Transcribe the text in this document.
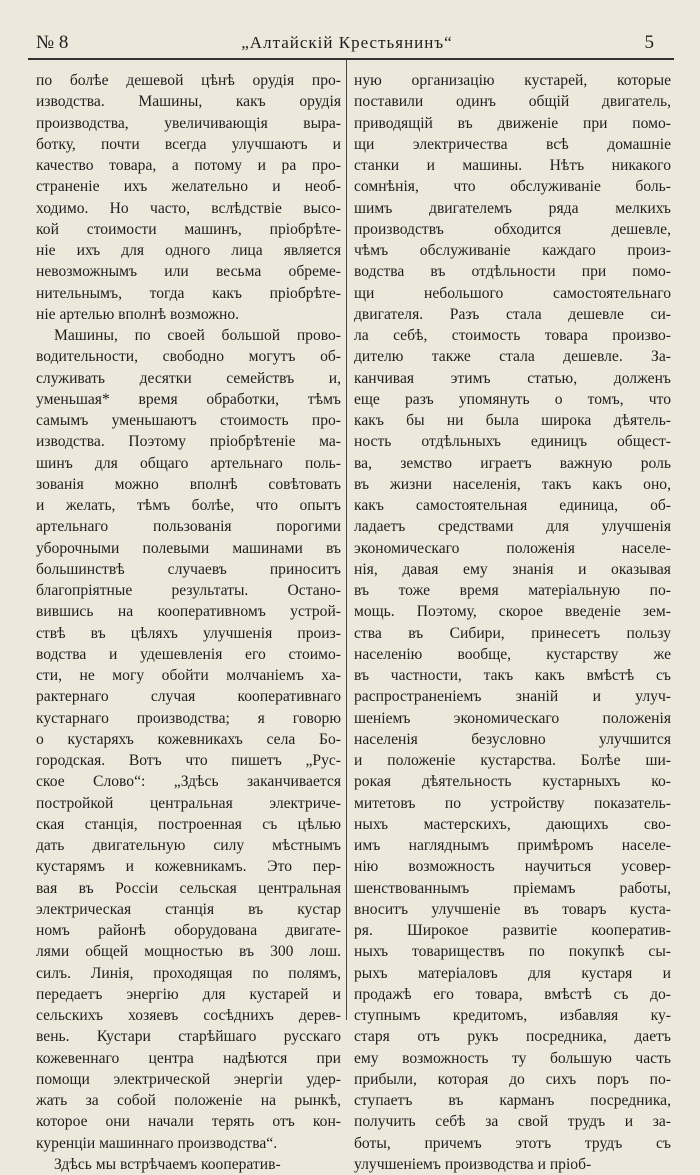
№ 8	„Алтайскій Крестьянинъ“	5
по болѣе дешевой цѣнѣ орудія про-
изводства. Машины, какъ орудія
производства, увеличивающія выра-
ботку, почти всегда улучшаютъ и
качество товара, а потому и ра про-
страненіе ихъ желательно и необ-
ходимо. Но часто, вслѣдствіе высо-
кой стоимости машинъ, пріобрѣте-
ніе ихъ для одного лица является
невозможнымъ или весьма обреме-
нительнымъ, тогда какъ пріобрѣте-
ніе артелью вполнѣ возможно.
Машины, по своей большой прово-
водительности, свободно могутъ об-
служивать десятки семействъ и,
уменьшая* время обработки, тѣмъ
самымъ уменьшаютъ стоимость про-
изводства. Поэтому пріобрѣтеніе ма-
шинъ для общаго артельнаго поль-
зованія можно вполнѣ совѣтовать
и желать, тѣмъ болѣе, что опытъ
артельнаго пользованія порогими
уборочными полевыми машинами въ
большинствѣ случаевъ приноситъ
благопріятные результаты. Остано-
вившись на кооперативномъ устрой-
ствѣ въ цѣляхъ улучшенія произ-
водства и удешевленія его стоимо-
сти, не могу обойти молчаніемъ ха-
рактернаго случая кооперативнаго
кустарнаго производства; я говорю
о кустаряхъ кожевникахъ села Бо-
городская. Вотъ что пишетъ „Рус-
ское Слово“: „Здѣсь заканчивается
постройкой центральная электриче-
ская станція, построенная съ цѣлью
дать двигательную силу мѣстнымъ
кустарямъ и кожевникамъ. Это пер-
вая въ Россіи сельская центральная
электрическая станція въ кустар
номъ районѣ оборудована двигате-
лями общей мощностью въ 300 лош.
силъ. Линія, проходящая по полямъ,
передаетъ энергію для кустарей и
сельскихъ хозяевъ сосѣднихъ дерев-
вень. Кустари старѣйшаго русскаго
кожевеннаго центра надѣются при
помощи электрической энергіи удер-
жать за собой положеніе на рынкѣ,
которое они начали терять отъ кон-
куренціи машиннаго производства“.
Здѣсь мы встрѣчаемъ кооператив-
ную организацію кустарей, которые
поставили одинъ общій двигатель,
приводящій въ движеніе при помо-
щи электричества всѣ домашніе
станки и машины. Нѣтъ никакого
сомнѣнія, что обслуживаніе боль-
шимъ двигателемъ ряда мелкихъ
производствъ обходится дешевле,
чѣмъ обслуживаніе каждаго произ-
водства въ отдѣльности при помо-
щи небольшого самостоятельнаго
двигателя. Разъ стала дешевле си-
ла себѣ, стоимость товара произво-
дителю также стала дешевле. За-
канчивая этимъ статью, долженъ
еще разъ упомянуть о томъ, что
какъ бы ни была широка дѣятель-
ность отдѣльныхъ единицъ общест-
ва, земство играетъ важную роль
въ жизни населенія, такъ какъ оно,
какъ самостоятельная единица, об-
ладаетъ средствами для улучшенія
экономическаго положенія населе-
нія, давая ему знанія и оказывая
въ тоже время матеріальную по-
мощь. Поэтому, скорое введеніе зем-
ства въ Сибири, принесетъ пользу
населенію вообще, кустарству же
въ частности, такъ какъ вмѣстѣ съ
распространеніемъ знаній и улуч-
шеніемъ экономическаго положенія
населенія безусловно улучшится
и положеніе кустарства. Болѣе ши-
рокая дѣятельность кустарныхъ ко-
митетовъ по устройству показатель-
ныхъ мастерскихъ, дающихъ сво-
имъ нагляднымъ примѣромъ населе-
нію возможность научиться усовер-
шенствованнымъ пріемамъ работы,
вноситъ улучшеніе въ товаръ куста-
ря. Широкое развитіе кооператив-
ныхъ товариществъ по покупкѣ сы-
рыхъ матеріаловъ для кустаря и
продажѣ его товара, вмѣстѣ съ до-
ступнымъ кредитомъ, избавляя ку-
старя отъ рукъ посредника, даетъ
ему возможность ту большую часть
прибыли, которая до сихъ поръ по-
ступаетъ въ карманъ посредника,
получить себѣ за свой трудъ и за-
боты, причемъ этотъ трудъ съ
улучшеніемъ производства и пріоб-
